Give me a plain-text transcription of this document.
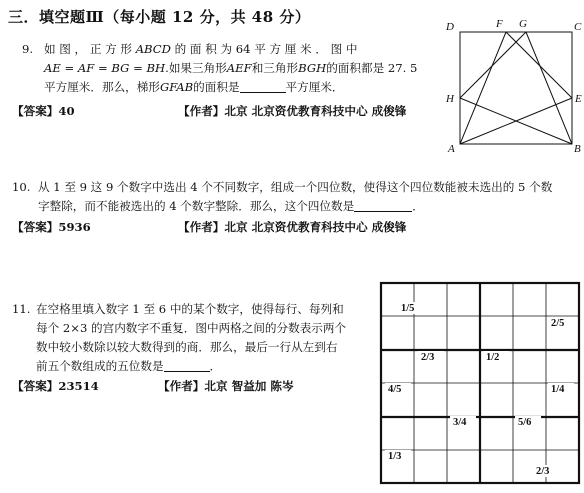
三．填空题Ⅲ（每小题 12 分，共 48 分）
9. 如 图 ， 正 方 形 ABCD 的 面 积 为 64 平 方 厘 米 ． 图 中
AE = AF = BG = BH.如果三角形AEF和三角形BGH的面积都是 27. 5
平方厘米．那么，梯形GFAB的面积是	平方厘米．
【答案】40	【作者】北京 北京资优教育科技中心 成俊锋
D	F G	C
H	E
A	B
10. 从 1 至 9 这 9 个数字中选出 4 个不同数字，组成一个四位数，使得这个四位数能被未选出的 5 个数
字整除，而不能被选出的 4 个数字整除．那么，这个四位数是	．
【答案】5936	【作者】北京 北京资优教育科技中心 成俊锋
11. 在空格里填入数字 1 至 6 中的某个数字，使得每行、每列和
每个 2×3 的宫内数字不重复．图中两格之间的分数表示两个
数中较小数除以较大数得到的商．那么，最后一行从左到右
前五个数组成的五位数是	．
【答案】23514	【作者】北京 智益加 陈岑
1/5
2/5
2/3	1/2
4/5	1/4
3/4	5/6
1/3
2/3
